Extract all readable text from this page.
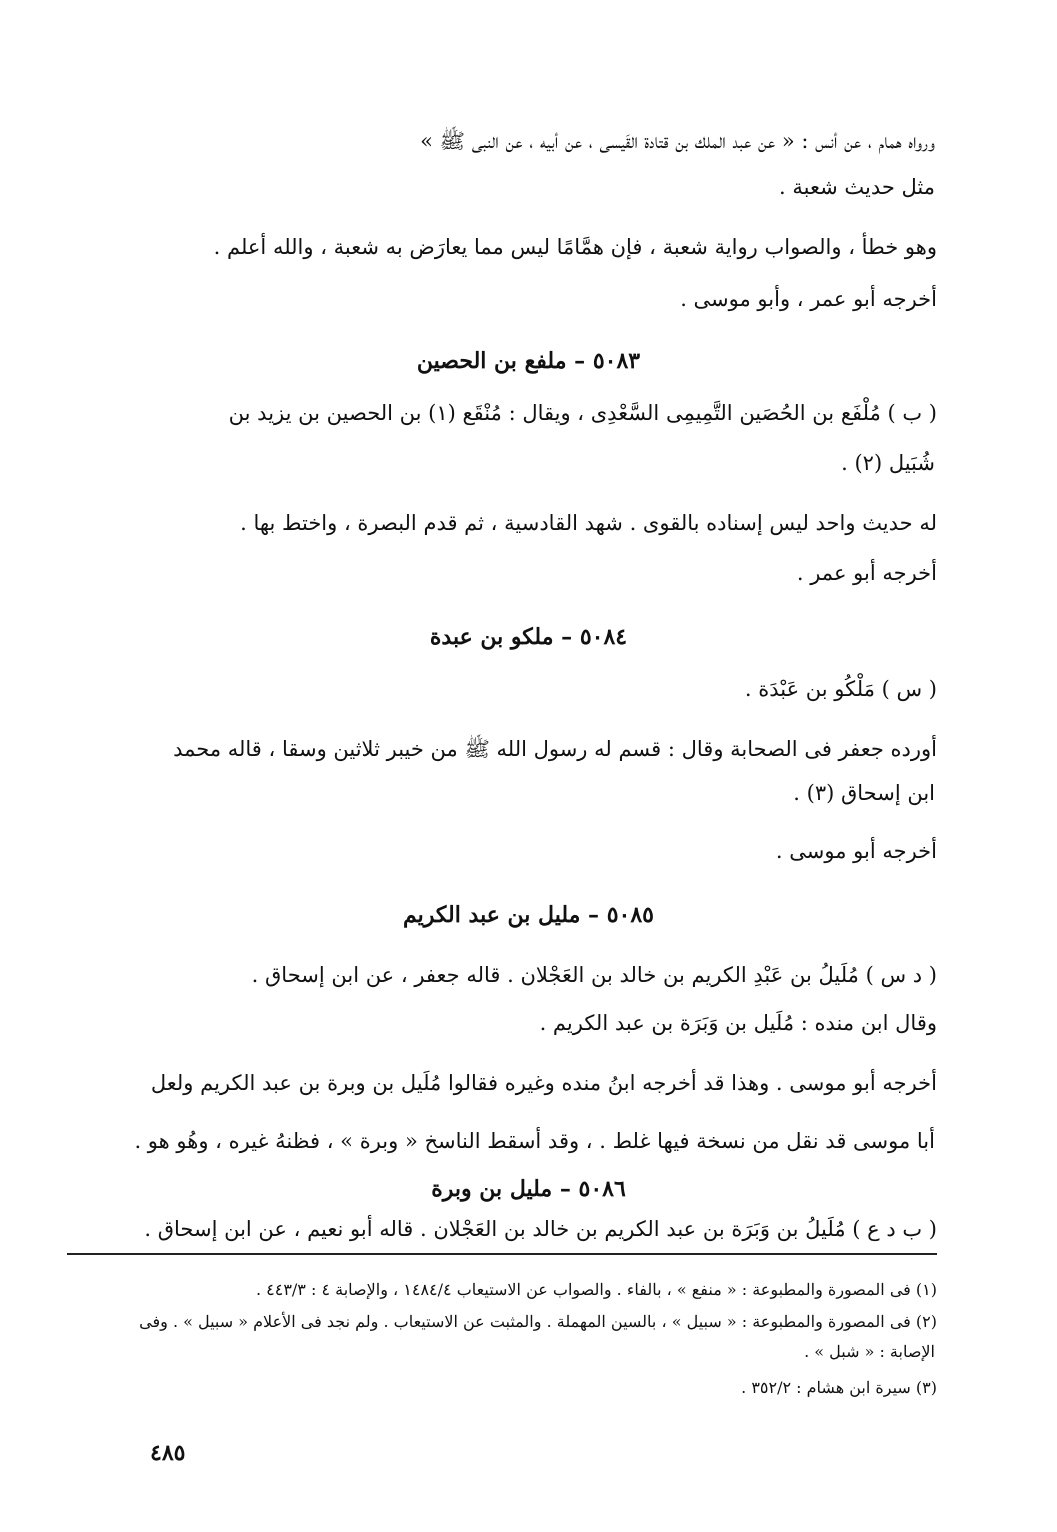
ورواه همام ، عن أنس : « عن عبد الملك بن قتادة القَيسى ، عن أبيه ، عن النبى ﷺ »
مثل حديث شعبة .
وهو خطأ ، والصواب رواية شعبة ، فإن همَّامًا ليس مما يعارَض به شعبة ، والله أعلم .
أخرجه أبو عمر ، وأبو موسى .
٥٠٨٣ – ملفع بن الحصين
( ب ) مُلْفَع بن الحُصَين التَّمِيمِى السَّعْدِى ، ويقال : مُنْقَع (١) بن الحصين بن يزيد بن
شُبَيل (٢) .
له حديث واحد ليس إسناده بالقوى . شهد القادسية ، ثم قدم البصرة ، واختط بها .
أخرجه أبو عمر .
٥٠٨٤ – ملكو بن عبدة
( س ) مَلْكُو بن عَبْدَة .
أورده جعفر فى الصحابة وقال : قسم له رسول الله ﷺ من خيبر ثلاثين وسقا ، قاله محمد
ابن إسحاق (٣) .
أخرجه أبو موسى .
٥٠٨٥ – مليل بن عبد الكريم
( د س ) مُلَيلُ بن عَبْدِ الكريم بن خالد بن العَجْلان . قاله جعفر ، عن ابن إسحاق .
وقال ابن منده : مُلَيل بن وَبَرَة بن عبد الكريم .
أخرجه أبو موسى . وهذا قد أخرجه ابنُ منده وغيره فقالوا مُلَيل بن وبرة بن عبد الكريم ولعل
أبا موسى قد نقل من نسخة فيها غلط . ، وقد أسقط الناسخ « وبرة » ، فظنهُ غيره ، وهُو هو .
٥٠٨٦ – مليل بن وبرة
( ب د ع ) مُلَيلُ بن وَبَرَة بن عبد الكريم بن خالد بن العَجْلان . قاله أبو نعيم ، عن ابن إسحاق .
(١) فى المصورة والمطبوعة : « منفع » ، بالفاء . والصواب عن الاستيعاب ١٤٨٤/٤ ، والإصابة ٤ : ٤٤٣/٣ .
(٢) فى المصورة والمطبوعة : « سبيل » ، بالسين المهملة . والمثبت عن الاستيعاب . ولم نجد فى الأعلام « سبيل » . وفى
الإصابة : « شبل » .
(٣) سيرة ابن هشام : ٣٥٢/٢ .
٤٨٥
